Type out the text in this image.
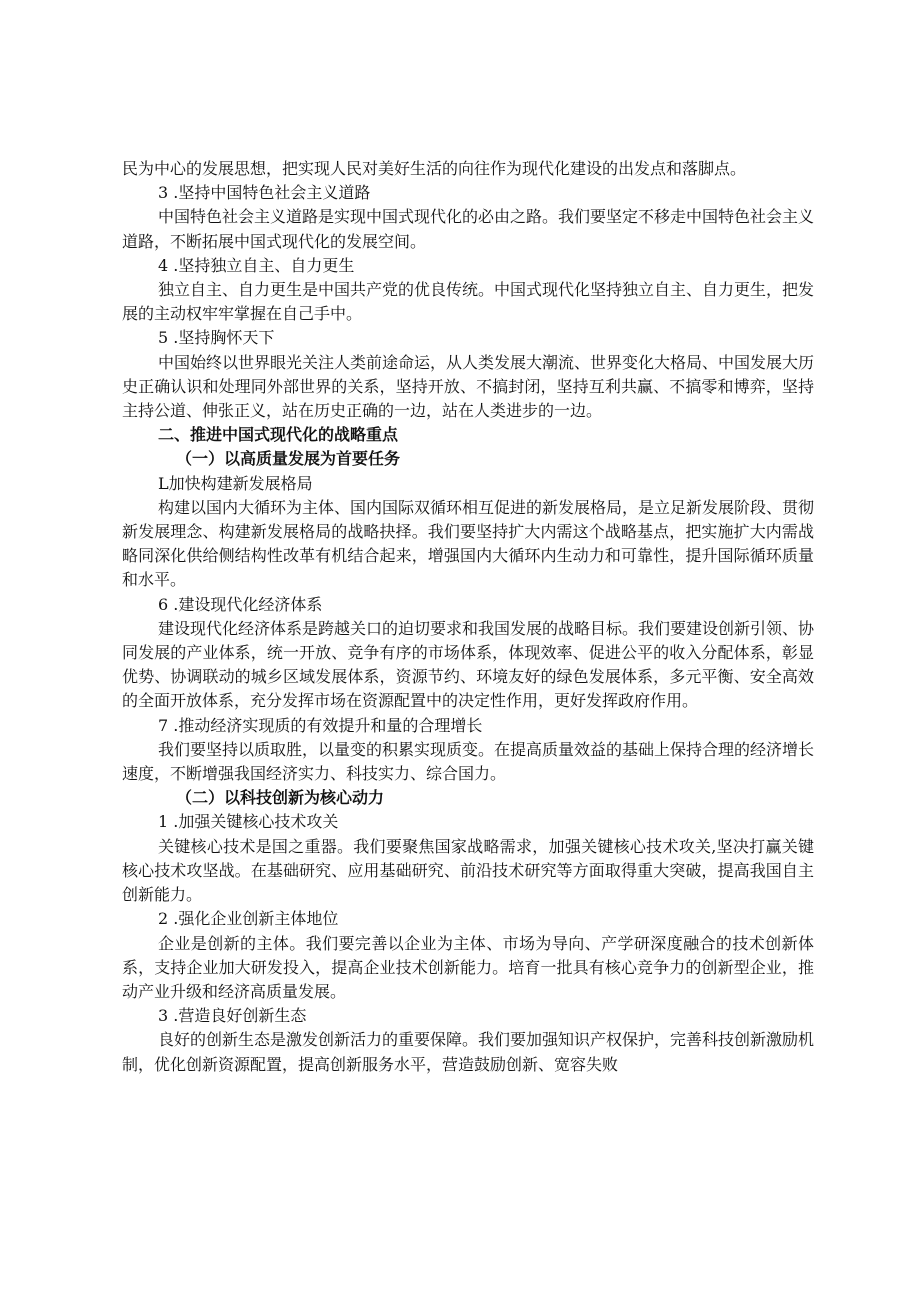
民为中心的发展思想，把实现人民对美好生活的向往作为现代化建设的出发点和落脚点。

3 .坚持中国特色社会主义道路

中国特色社会主义道路是实现中国式现代化的必由之路。我们要坚定不移走中国特色社会主义道路，不断拓展中国式现代化的发展空间。

4 .坚持独立自主、自力更生

独立自主、自力更生是中国共产党的优良传统。中国式现代化坚持独立自主、自力更生，把发展的主动权牢牢掌握在自己手中。

5 .坚持胸怀天下

中国始终以世界眼光关注人类前途命运，从人类发展大潮流、世界变化大格局、中国发展大历史正确认识和处理同外部世界的关系，坚持开放、不搞封闭，坚持互利共赢、不搞零和博弈，坚持主持公道、伸张正义，站在历史正确的一边，站在人类进步的一边。

二、推进中国式现代化的战略重点

（一）以高质量发展为首要任务

L加快构建新发展格局

构建以国内大循环为主体、国内国际双循环相互促进的新发展格局，是立足新发展阶段、贯彻新发展理念、构建新发展格局的战略抉择。我们要坚持扩大内需这个战略基点，把实施扩大内需战略同深化供给侧结构性改革有机结合起来，增强国内大循环内生动力和可靠性，提升国际循环质量和水平。

6 .建设现代化经济体系

建设现代化经济体系是跨越关口的迫切要求和我国发展的战略目标。我们要建设创新引领、协同发展的产业体系，统一开放、竞争有序的市场体系，体现效率、促进公平的收入分配体系，彰显优势、协调联动的城乡区域发展体系，资源节约、环境友好的绿色发展体系，多元平衡、安全高效的全面开放体系，充分发挥市场在资源配置中的决定性作用，更好发挥政府作用。

7 .推动经济实现质的有效提升和量的合理增长

我们要坚持以质取胜，以量变的积累实现质变。在提高质量效益的基础上保持合理的经济增长速度，不断增强我国经济实力、科技实力、综合国力。

（二）以科技创新为核心动力

1 .加强关键核心技术攻关

关键核心技术是国之重器。我们要聚焦国家战略需求，加强关键核心技术攻关,坚决打赢关键核心技术攻坚战。在基础研究、应用基础研究、前沿技术研究等方面取得重大突破，提高我国自主创新能力。

2 .强化企业创新主体地位

企业是创新的主体。我们要完善以企业为主体、市场为导向、产学研深度融合的技术创新体系，支持企业加大研发投入，提高企业技术创新能力。培育一批具有核心竞争力的创新型企业，推动产业升级和经济高质量发展。

3 .营造良好创新生态

良好的创新生态是激发创新活力的重要保障。我们要加强知识产权保护，完善科技创新激励机制，优化创新资源配置，提高创新服务水平，营造鼓励创新、宽容失败
